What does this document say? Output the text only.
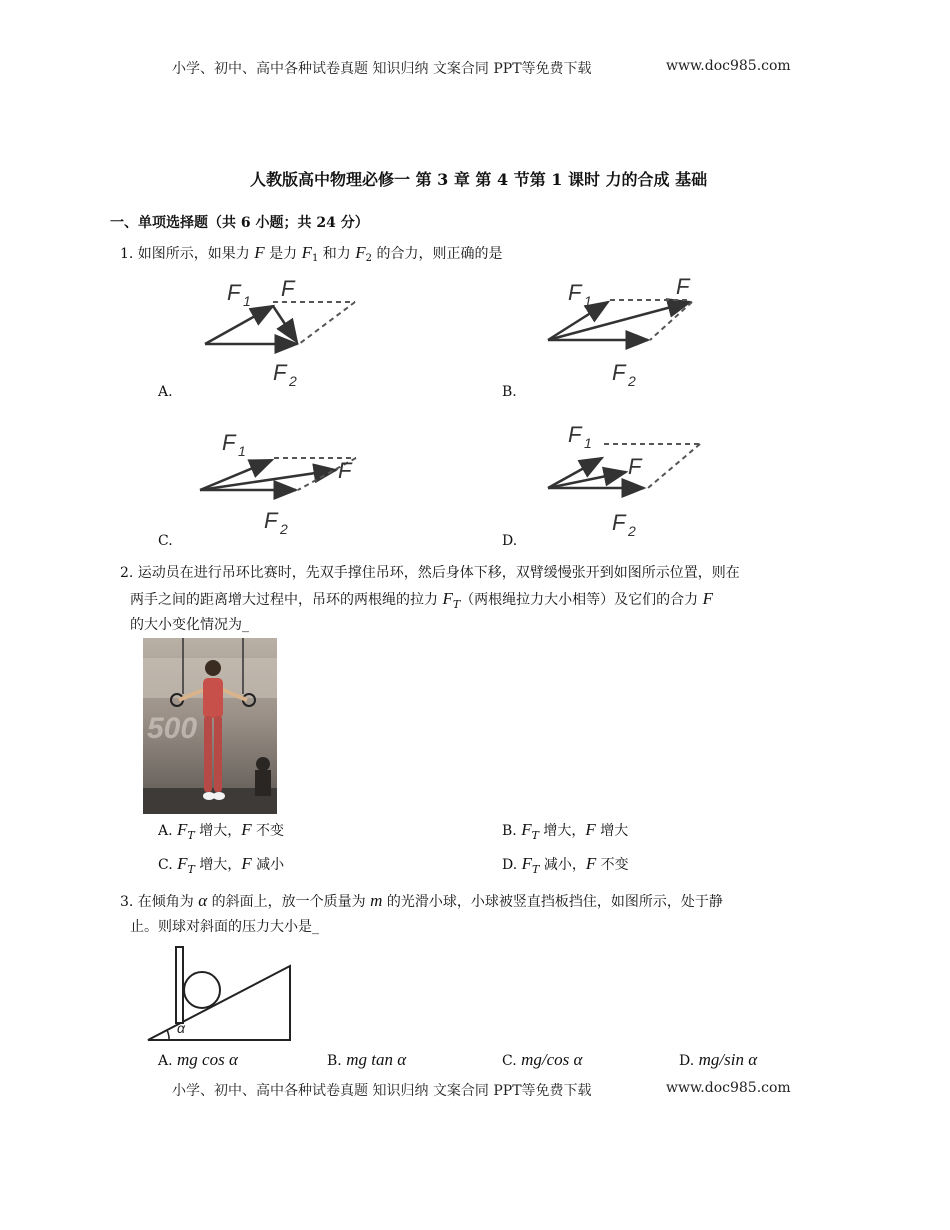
小学、初中、高中各种试卷真题 知识归纳 文案合同 PPT等免费下载	www.doc985.com
人教版高中物理必修一 第 3 章 第 4 节第 1 课时 力的合成 基础
一、单项选择题（共 6 小题；共 24 分）
1. 如图所示，如果力 F 是力 $F_1$ 和力 $F_2$ 的合力，则正确的是
F 1 F
F 2
A.
F 1
F
F 2
B.
F 1
F
F 2
C.
F 1
F
F 2
D.
2. 运动员在进行吊环比赛时，先双手撑住吊环，然后身体下移，双臂缓慢张开到如图所示位置，则在
两手之间的距离增大过程中，吊环的两根绳的拉力 $F_T$（两根绳拉力大小相等）及它们的合力 F
的大小变化情况为_
500
A. $F_T$ 增大，F 不变	B. $F_T$ 增大，F 增大
C. $F_T$ 增大，F 减小	D. $F_T$ 减小，F 不变
3. 在倾角为 α 的斜面上，放一个质量为 m 的光滑小球，小球被竖直挡板挡住，如图所示，处于静
止。则球对斜面的压力大小是_
α
A. mg cos α	B. mg tan α	C. mg/cos α	D. mg/sin α
小学、初中、高中各种试卷真题 知识归纳 文案合同 PPT等免费下载	www.doc985.com
